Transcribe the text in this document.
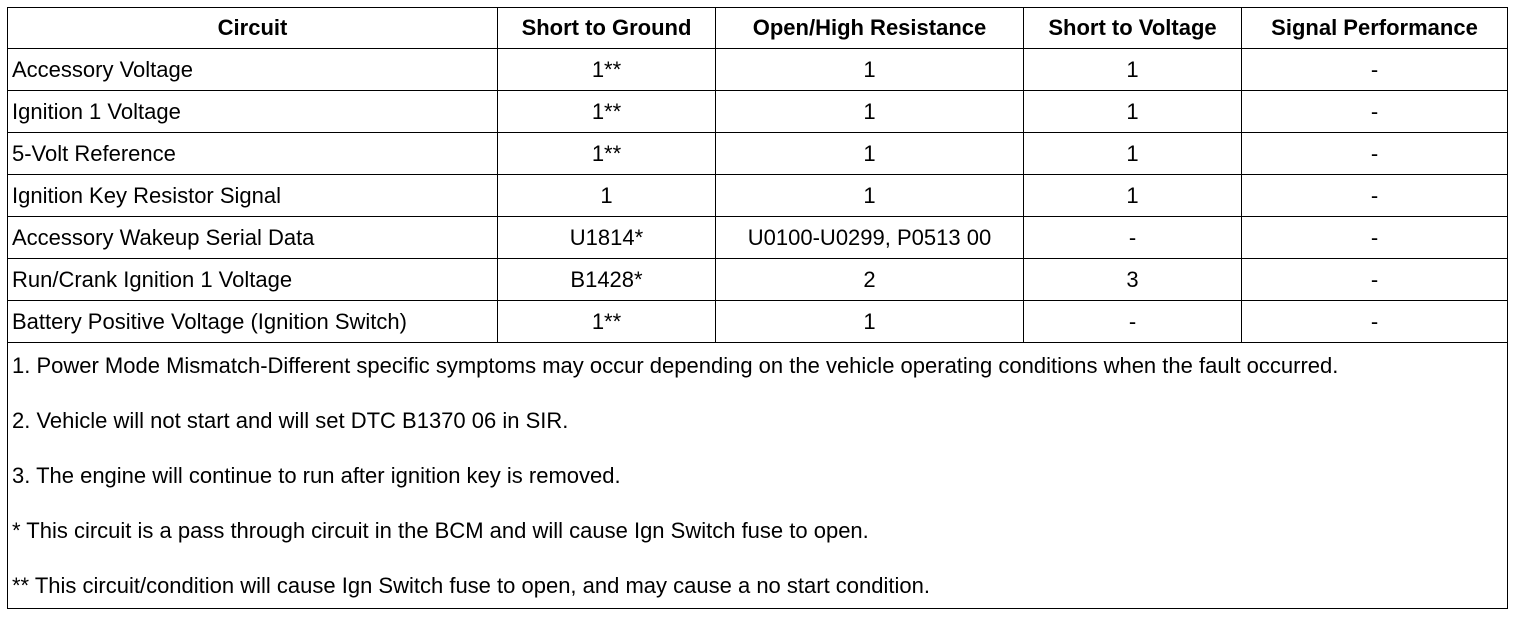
Circuit	Short to Ground	Open/High Resistance	Short to Voltage	Signal Performance
Accessory Voltage	1**	1	1	-
Ignition 1 Voltage	1**	1	1	-
5-Volt Reference	1**	1	1	-
Ignition Key Resistor Signal	1	1	1	-
Accessory Wakeup Serial Data	U1814*	U0100-U0299, P0513 00	-	-
Run/Crank Ignition 1 Voltage	B1428*	2	3	-
Battery Positive Voltage (Ignition Switch)	1**	1	-	-

1. Power Mode Mismatch-Different specific symptoms may occur depending on the vehicle operating conditions when the fault occurred.
2. Vehicle will not start and will set DTC B1370 06 in SIR.
3. The engine will continue to run after ignition key is removed.
* This circuit is a pass through circuit in the BCM and will cause Ign Switch fuse to open.
** This circuit/condition will cause Ign Switch fuse to open, and may cause a no start condition.				
